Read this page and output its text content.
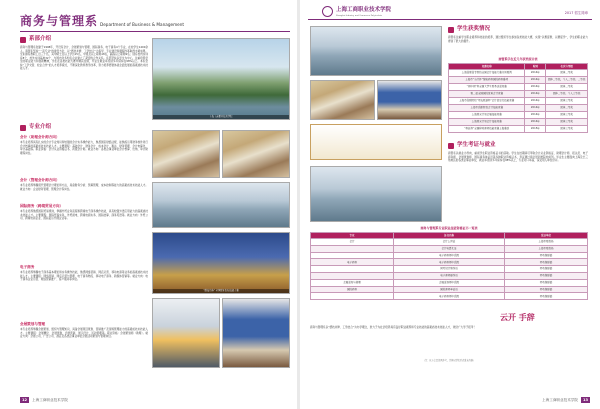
商务与管理系 Department of Business & Management
系部介绍
商务与管理系创建于1998年，开设有会计、会展策划与管理、国际商务、电子商务4个专业，在校学生1400余人。商管系坚持“一流专业”的建设方针，以“德技并修、工学结合”为指导，专业建设和课程改革取得丰硕成果。全系拥有教职工近三十名，其中硕士及以上学历15名，中级及以上职称18名，副高以上职称9名；现有校内实训室8个，校外实训基地32个，与国内众多知名企业建立了紧密的合作关系。系部坚持以学生为中心，注重培养学生的职业能力和创新精神，学生在各类技能大赛中屡获佳绩，毕业生就业率连续多年保持在98%以上。本系坚持“工学交替、校企合作”的人才培养模式，不断深化教育教学改革，努力培养德智体美全面发展的高素质技术技能人才。
上海工商职业技术学院
专业介绍
会计（助理会计师方向）
本专业培养具有扎实的会计专业知识和较强的会计实务操作能力，熟悉国家财经法规，能熟练运用财务软件进行会计核算的高素质技术技能人才。主要课程：基础会计、财务会计、成本会计、税法、财务管理、会计电算化、审计基础等。职业资格：会计从业资格证书、初级会计师。就业方向：各类企事业单位会计核算、出纳、审计助理等岗位。
会计（管理会计师方向）
本专业培养掌握现代管理会计理论和方法，具备财务分析、预算管理、成本控制等能力的高素质技术技能人才。就业方向：企业财务管理、管理会计等岗位。
国际商务（跨境贸易方向）
本专业培养熟悉国际贸易规则，掌握外贸业务流程和跨境电子商务操作技能，具有较强外语应用能力的高素质技术技能人才。主要课程：国际贸易实务、外贸函电、跨境电商实务、国际结算、商务英语等。就业方向：外贸公司、跨境电商企业、国际货运代理企业等。
电子商务
本专业培养掌握电子商务基本理论和实务操作技能，熟悉网络营销、网店运营、移动电商等业务的高素质技术技能人才。主要课程：网络营销、网店运营与管理、电子商务物流、移动电子商务、新媒体营销等。就业方向：电子商务企业运营、网络营销推广、客户服务等岗位。
会展策划与管理
本专业培养掌握会展策划、组织与管理知识，具备会展项目策划、营销推广及现场管理能力的高素质技术技能人才。主要课程：会展概论、会展策划、会展营销、展示设计、活动管理等。职业资格：会展策划师（助理）。就业方向：会展公司、广告公司、酒店及各类企事业单位会展活动策划与管理岗位。
“德技并修” 全国职业院校技能大赛
12	上海工商职业技术学院
上海工商职业技术学院
Shanghai Industry and Commerce Polytechnic
2017 招生简章
学生获奖情况
商管系注重学生职业素养和技能的培养，通过组织学生参加各类技能大赛，实现“以赛促教、以赛促学”，学生的职业能力得到了很大的提升。
商管系学生近几年获奖统计表
竞赛名称	时间	名次与等级
上海高职高专院校全国会计技能大赛实训案例	2014年	团体二等奖
上海市“当代杯”智能商务国际商务赛项	2014年	团体二等奖，个人二等奖、二等奖
“网中网”杯全国大学生财务决策竞赛	2014年	团体二等奖
第二届全国国际贸易会计竞赛	2014年	团体二等奖、个人三等奖
上海市高职院校“用友新道杯”会计信息化技能竞赛	2014年	团体三等奖
上海市高职院校会计技能竞赛	2014年	团体二等奖
上海星光计划会展技能竞赛	2014年	团体三等奖
上海星光计划会计技能竞赛	2014年	团体三等奖
“奥派杯”全国移动商务技能竞赛上海赛区	2015年	团体三等奖
学生考证与就业
商管系以就业为导向，重视学生职业资格证书的获取。学生在校期间可考取会计从业资格证、助理会计师、报关员、电子商务师、会展策划师、国际商务单证员等多种职业资格证书，考证通过率位居同类院校前列。毕业生主要面向上海及长三角地区的各类企事业单位，就业率连续多年保持在98%以上，专业对口率高，深受用人单位好评。
商务与管理系专业职业技能资格证书一览表
专业	证书名称	发证单位
会计	会计上岗证	上海市财政局
	会计电算化证	上海市财政局
	电子商务师中高级	劳动保障部
电子商务	电子商务师中高级	劳动保障部
	网页设计制作员	劳动保障部
	电子商务操作员	劳动保障部
会展策划与管理	会展策划师中高级	劳动保障部
国际商务	国际商务单证员	劳动保障部
	电子商务师中高级	劳动保障部
云开 手辞
商务与管理系以“德技并修、工学结合”为办学理念，致力于为社会培养具有良好职业素养和专业技能的高素质技术技能人才，欢迎广大学子报考！
（注：以上信息仅供参考，具体以学院正式发布为准）
上海工商职业技术学院	13
